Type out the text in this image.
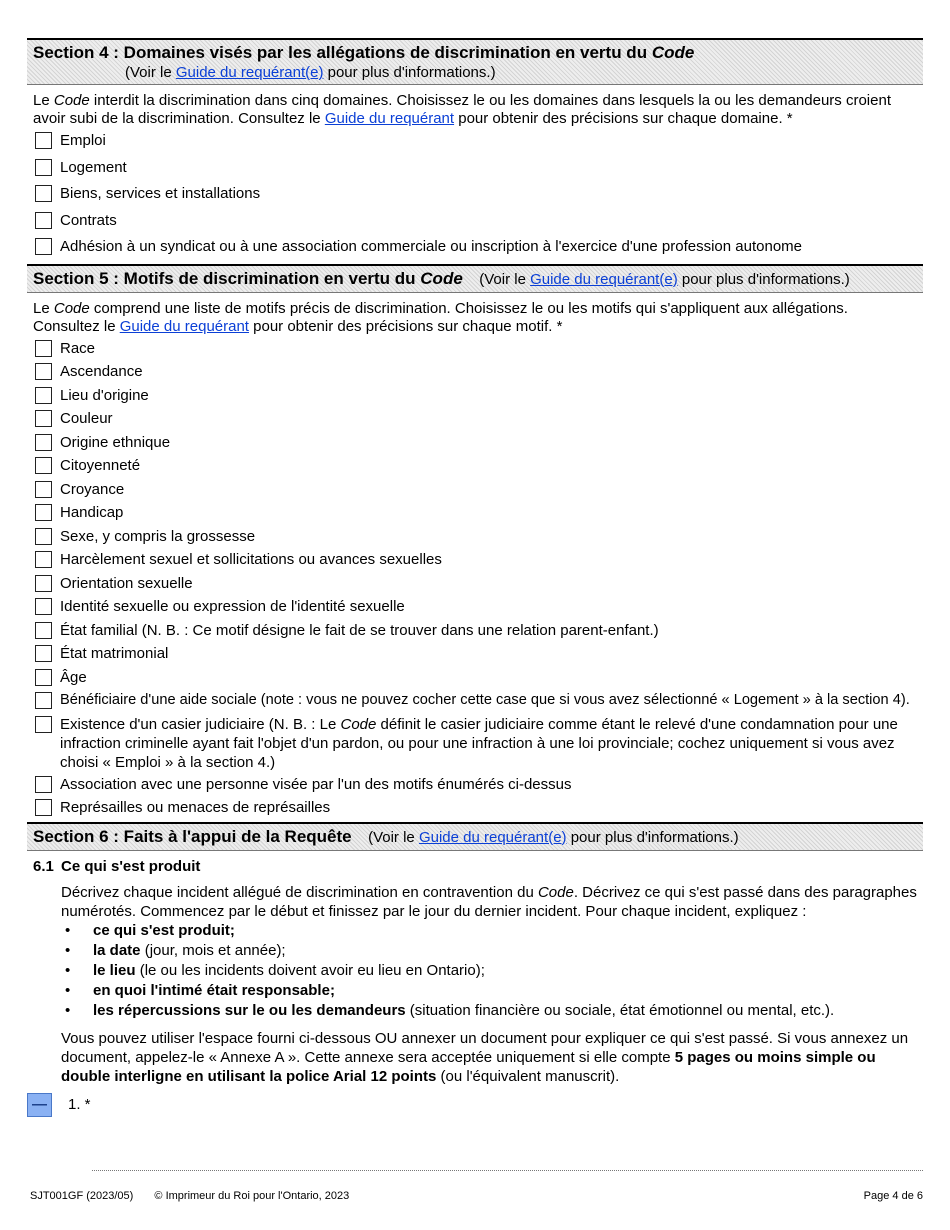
Section 4 : Domaines visés par les allégations de discrimination en vertu du Code
(Voir le Guide du requérant(e) pour plus d'informations.)
Le Code interdit la discrimination dans cinq domaines. Choisissez le ou les domaines dans lesquels la ou les demandeurs croient avoir subi de la discrimination. Consultez le Guide du requérant pour obtenir des précisions sur chaque domaine. *
Emploi
Logement
Biens, services et installations
Contrats
Adhésion à un syndicat ou à une association commerciale ou inscription à l'exercice d'une profession autonome
Section 5 : Motifs de discrimination en vertu du Code (Voir le Guide du requérant(e) pour plus d'informations.)
Le Code comprend une liste de motifs précis de discrimination. Choisissez le ou les motifs qui s'appliquent aux allégations. Consultez le Guide du requérant pour obtenir des précisions sur chaque motif. *
Race
Ascendance
Lieu d'origine
Couleur
Origine ethnique
Citoyenneté
Croyance
Handicap
Sexe, y compris la grossesse
Harcèlement sexuel et sollicitations ou avances sexuelles
Orientation sexuelle
Identité sexuelle ou expression de l'identité sexuelle
État familial (N. B. : Ce motif désigne le fait de se trouver dans une relation parent-enfant.)
État matrimonial
Âge
Bénéficiaire d'une aide sociale (note : vous ne pouvez cocher cette case que si vous avez sélectionné « Logement » à la section 4).
Existence d'un casier judiciaire (N. B. : Le Code définit le casier judiciaire comme étant le relevé d'une condamnation pour une infraction criminelle ayant fait l'objet d'un pardon, ou pour une infraction à une loi provinciale; cochez uniquement si vous avez choisi « Emploi » à la section 4.)
Association avec une personne visée par l'un des motifs énumérés ci-dessus
Représailles ou menaces de représailles
Section 6 : Faits à l'appui de la Requête (Voir le Guide du requérant(e) pour plus d'informations.)
6.1 Ce qui s'est produit
Décrivez chaque incident allégué de discrimination en contravention du Code. Décrivez ce qui s'est passé dans des paragraphes numérotés. Commencez par le début et finissez par le jour du dernier incident. Pour chaque incident, expliquez :
•	ce qui s'est produit;
•	la date (jour, mois et année);
•	le lieu (le ou les incidents doivent avoir eu lieu en Ontario);
•	en quoi l'intimé était responsable;
•	les répercussions sur le ou les demandeurs (situation financière ou sociale, état émotionnel ou mental, etc.).
Vous pouvez utiliser l'espace fourni ci-dessous OU annexer un document pour expliquer ce qui s'est passé. Si vous annexez un document, appelez-le « Annexe A ». Cette annexe sera acceptée uniquement si elle compte 5 pages ou moins simple ou double interligne en utilisant la police Arial 12 points (ou l'équivalent manuscrit).
— 1. *
SJT001GF (2023/05) © Imprimeur du Roi pour l'Ontario, 2023	Page 4 de 6
